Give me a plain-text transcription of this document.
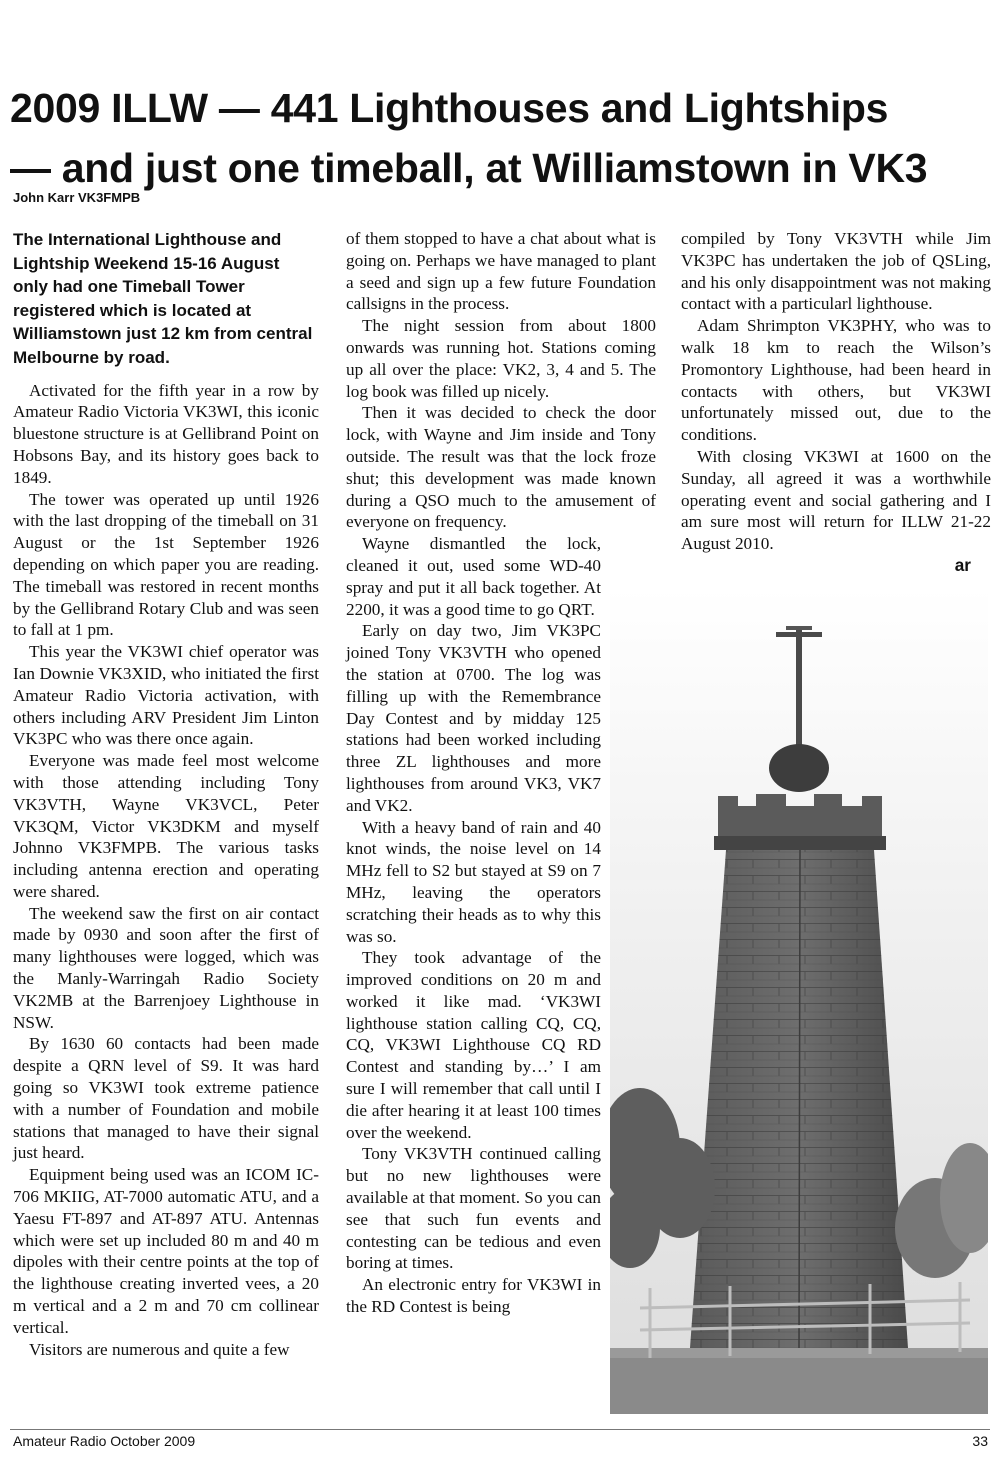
2009 ILLW — 441 Lighthouses and Lightships
— and just one timeball, at Williamstown in VK3
John Karr VK3FMPB
The International Lighthouse and Lightship Weekend 15-16 August only had one Timeball Tower registered which is located at Williamstown just 12 km from central Melbourne by road.

Activated for the fifth year in a row by Amateur Radio Victoria VK3WI, this iconic bluestone structure is at Gellibrand Point on Hobsons Bay, and its history goes back to 1849.

The tower was operated up until 1926 with the last dropping of the timeball on 31 August or the 1st September 1926 depending on which paper you are reading. The timeball was restored in recent months by the Gellibrand Rotary Club and was seen to fall at 1 pm.

This year the VK3WI chief operator was Ian Downie VK3XID, who initiated the first Amateur Radio Victoria activation, with others including ARV President Jim Linton VK3PC who was there once again.

Everyone was made feel most welcome with those attending including Tony VK3VTH, Wayne VK3VCL, Peter VK3QM, Victor VK3DKM and myself Johnno VK3FMPB. The various tasks including antenna erection and operating were shared.

The weekend saw the first on air contact made by 0930 and soon after the first of many lighthouses were logged, which was the Manly-Warringah Radio Society VK2MB at the Barrenjoey Lighthouse in NSW.

By 1630 60 contacts had been made despite a QRN level of S9. It was hard going so VK3WI took extreme patience with a number of Foundation and mobile stations that managed to have their signal just heard.

Equipment being used was an ICOM IC-706 MKIIG, AT-7000 automatic ATU, and a Yaesu FT-897 and AT-897 ATU. Antennas which were set up included 80 m and 40 m dipoles with their centre points at the top of the lighthouse creating inverted vees, a 20 m vertical and a 2 m and 70 cm collinear vertical.

Visitors are numerous and quite a few

of them stopped to have a chat about what is going on. Perhaps we have managed to plant a seed and sign up a few future Foundation callsigns in the process.

The night session from about 1800 onwards was running hot. Stations coming up all over the place: VK2, 3, 4 and 5. The log book was filled up nicely.

Then it was decided to check the door lock, with Wayne and Jim inside and Tony outside. The result was that the lock froze shut; this development was made known during a QSO much to the amusement of everyone on frequency.

Wayne dismantled the lock, cleaned it out, used some WD-40 spray and put it all back together. At 2200, it was a good time to go QRT.

Early on day two, Jim VK3PC joined Tony VK3VTH who opened the station at 0700. The log was filling up with the Remembrance Day Contest and by midday 125 stations had been worked including three ZL lighthouses and more lighthouses from around VK3, VK7 and VK2.

With a heavy band of rain and 40 knot winds, the noise level on 14 MHz fell to S2 but stayed at S9 on 7 MHz, leaving the operators scratching their heads as to why this was so.

They took advantage of the improved conditions on 20 m and worked it like mad. ‘VK3WI lighthouse station calling CQ, CQ, CQ, VK3WI Lighthouse CQ RD Contest and standing by…’ I am sure I will remember that call until I die after hearing it at least 100 times over the weekend.

Tony VK3VTH continued calling but no new lighthouses were available at that moment. So you can see that such fun events and contesting can be tedious and even boring at times.

An electronic entry for VK3WI in the RD Contest is being

compiled by Tony VK3VTH while Jim VK3PC has undertaken the job of QSLing, and his only disappointment was not making contact with a particularl lighthouse.

Adam Shrimpton VK3PHY, who was to walk 18 km to reach the Wilson’s Promontory Lighthouse, had been heard in contacts with others, but VK3WI unfortunately missed out, due to the conditions.

With closing VK3WI at 1600 on the Sunday, all agreed it was a worthwhile operating event and social gathering and I am sure most will return for ILLW 21-22 August 2010.

ar
Amateur Radio October 2009	33
